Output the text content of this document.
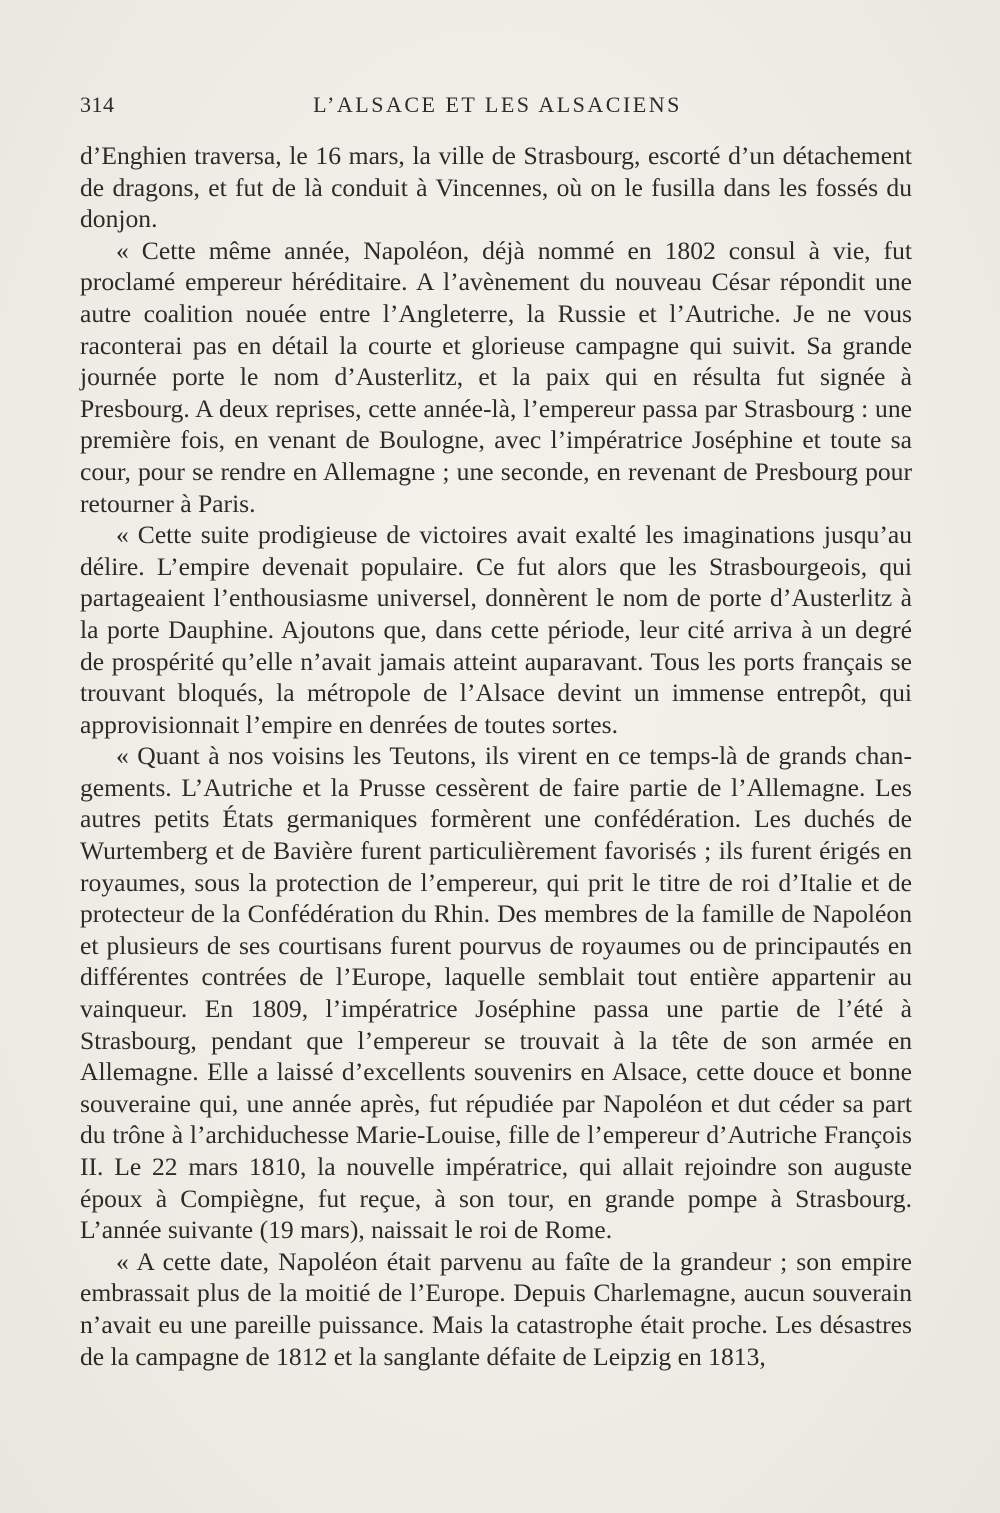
314	L’ALSACE ET LES ALSACIENS

d’Enghien traversa, le 16 mars, la ville de Strasbourg, escorté d’un détachement de dragons, et fut de là conduit à Vincennes, où on le fusilla dans les fossés du donjon.

« Cette même année, Napoléon, déjà nommé en 1802 consul à vie, fut proclamé empereur héréditaire. A l’avènement du nouveau César répondit une autre coalition nouée entre l’Angleterre, la Russie et l’Autriche. Je ne vous raconterai pas en détail la courte et glorieuse campagne qui suivit. Sa grande journée porte le nom d’Austerlitz, et la paix qui en résulta fut signée à Presbourg. A deux reprises, cette année-là, l’empereur passa par Strasbourg : une première fois, en venant de Boulogne, avec l’impératrice Joséphine et toute sa cour, pour se rendre en Allemagne ; une seconde, en revenant de Presbourg pour retourner à Paris.

« Cette suite prodigieuse de victoires avait exalté les imaginations jusqu’au délire. L’empire devenait populaire. Ce fut alors que les Strasbourgeois, qui partageaient l’enthousiasme universel, donnèrent le nom de porte d’Austerlitz à la porte Dauphine. Ajoutons que, dans cette période, leur cité arriva à un degré de prospérité qu’elle n’avait jamais atteint auparavant. Tous les ports français se trouvant bloqués, la métropole de l’Alsace devint un immense entrepôt, qui approvisionnait l’empire en denrées de toutes sortes.

« Quant à nos voisins les Teutons, ils virent en ce temps-là de grands changements. L’Autriche et la Prusse cessèrent de faire partie de l’Allemagne. Les autres petits États germaniques formèrent une confédération. Les duchés de Wurtemberg et de Bavière furent particulièrement favorisés ; ils furent érigés en royaumes, sous la protection de l’empereur, qui prit le titre de roi d’Italie et de protecteur de la Confédération du Rhin. Des membres de la famille de Napoléon et plusieurs de ses courtisans furent pourvus de royaumes ou de principautés en différentes contrées de l’Europe, laquelle semblait tout entière appartenir au vainqueur. En 1809, l’impératrice Joséphine passa une partie de l’été à Strasbourg, pendant que l’empereur se trouvait à la tête de son armée en Allemagne. Elle a laissé d’excellents souvenirs en Alsace, cette douce et bonne souveraine qui, une année après, fut répudiée par Napoléon et dut céder sa part du trône à l’archiduchesse Marie-Louise, fille de l’empereur d’Autriche François II. Le 22 mars 1810, la nouvelle impératrice, qui allait rejoindre son auguste époux à Compiègne, fut reçue, à son tour, en grande pompe à Strasbourg. L’année suivante (19 mars), naissait le roi de Rome.

« A cette date, Napoléon était parvenu au faîte de la grandeur ; son empire embrassait plus de la moitié de l’Europe. Depuis Charlemagne, aucun souverain n’avait eu une pareille puissance. Mais la catastrophe était proche. Les désastres de la campagne de 1812 et la sanglante défaite de Leipzig en 1813,
